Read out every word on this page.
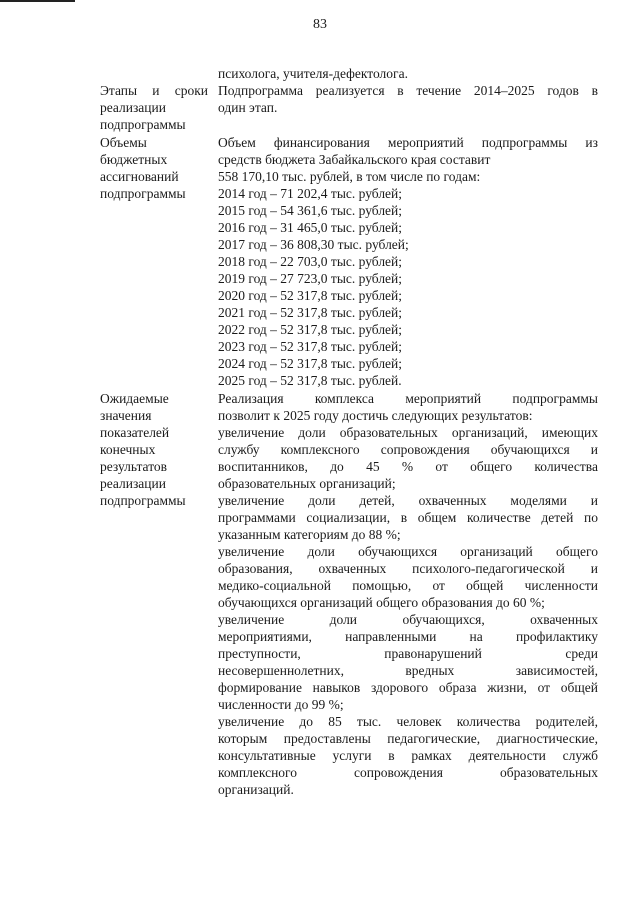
83
психолога, учителя-дефектолога.
Этапы и сроки
реализации
подпрограммы
Подпрограмма реализуется в течение 2014–2025 годов в
один этап.
Объемы
бюджетных
ассигнований
подпрограммы
Объем финансирования мероприятий подпрограммы из
средств бюджета Забайкальского края составит
558 170,10 тыс. рублей, в том числе по годам:
2014 год – 71 202,4 тыс. рублей;
2015 год – 54 361,6 тыс. рублей;
2016 год – 31 465,0 тыс. рублей;
2017 год – 36 808,30 тыс. рублей;
2018 год – 22 703,0 тыс. рублей;
2019 год – 27 723,0 тыс. рублей;
2020 год – 52 317,8 тыс. рублей;
2021 год – 52 317,8 тыс. рублей;
2022 год – 52 317,8 тыс. рублей;
2023 год – 52 317,8 тыс. рублей;
2024 год – 52 317,8 тыс. рублей;
2025 год – 52 317,8 тыс. рублей.
Ожидаемые
значения
показателей
конечных
результатов
реализации
подпрограммы
Реализация комплекса мероприятий подпрограммы
позволит к 2025 году достичь следующих результатов:
увеличение доли образовательных организаций, имеющих
службу комплексного сопровождения обучающихся и
воспитанников, до 45 % от общего количества
образовательных организаций;
увеличение доли детей, охваченных моделями и
программами социализации, в общем количестве детей по
указанным категориям до 88 %;
увеличение доли обучающихся организаций общего
образования, охваченных психолого-педагогической и
медико-социальной помощью, от общей численности
обучающихся организаций общего образования до 60 %;
увеличение доли обучающихся, охваченных
мероприятиями, направленными на профилактику
преступности, правонарушений среди
несовершеннолетних, вредных зависимостей,
формирование навыков здорового образа жизни, от общей
численности до 99 %;
увеличение до 85 тыс. человек количества родителей,
которым предоставлены педагогические, диагностические,
консультативные услуги в рамках деятельности служб
комплексного сопровождения образовательных
организаций.
